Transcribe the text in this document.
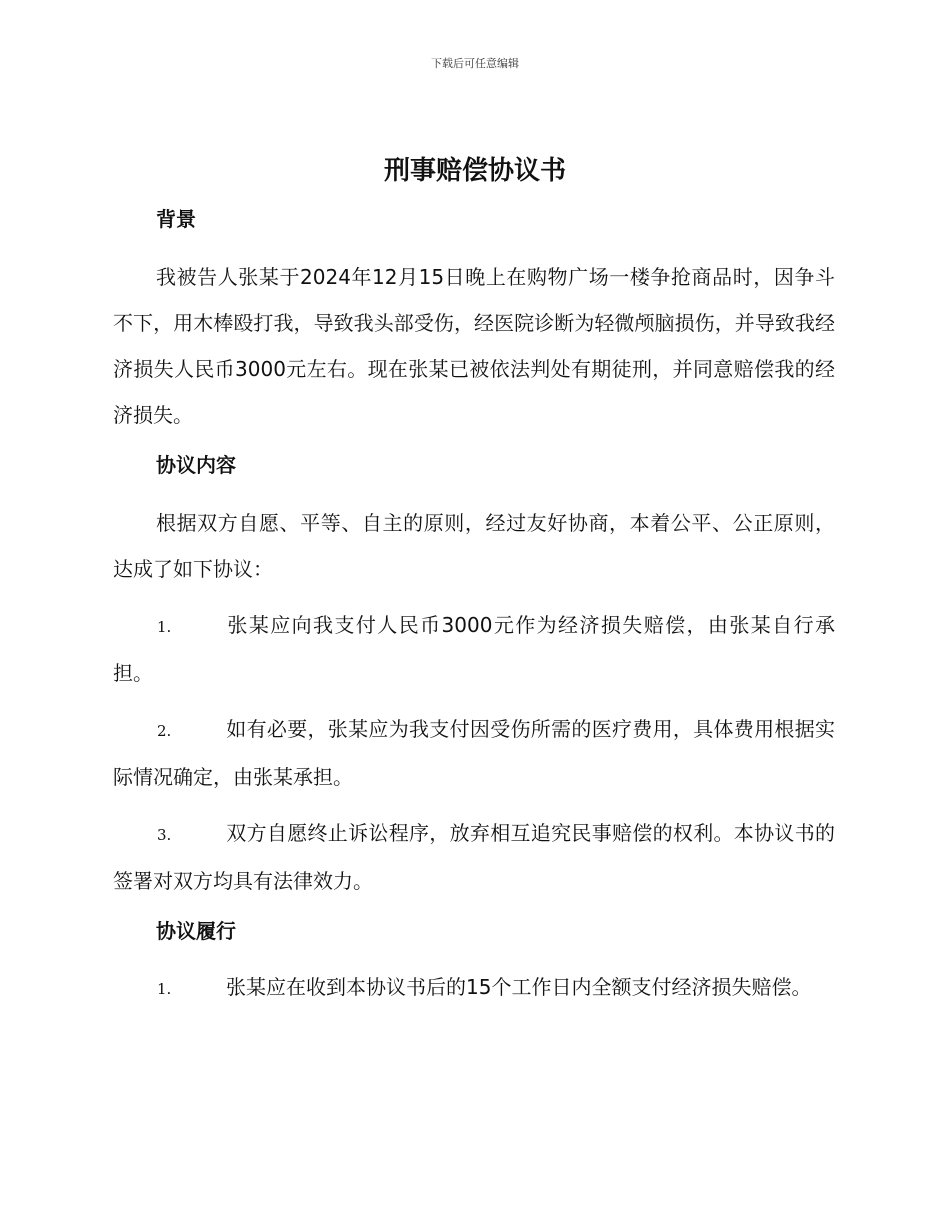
下载后可任意编辑
刑事赔偿协议书

背景

我被告人张某于2024年12月15日晚上在购物广场一楼争抢商品时，因争斗不下，用木棒殴打我，导致我头部受伤，经医院诊断为轻微颅脑损伤，并导致我经济损失人民币3000元左右。现在张某已被依法判处有期徒刑，并同意赔偿我的经济损失。

协议内容

根据双方自愿、平等、自主的原则，经过友好协商，本着公平、公正原则，达成了如下协议：

1.	张某应向我支付人民币3000元作为经济损失赔偿，由张某自行承担。

2.	如有必要，张某应为我支付因受伤所需的医疗费用，具体费用根据实际情况确定，由张某承担。

3.	双方自愿终止诉讼程序，放弃相互追究民事赔偿的权利。本协议书的签署对双方均具有法律效力。

协议履行

1.	张某应在收到本协议书后的15个工作日内全额支付经济损失赔偿。
